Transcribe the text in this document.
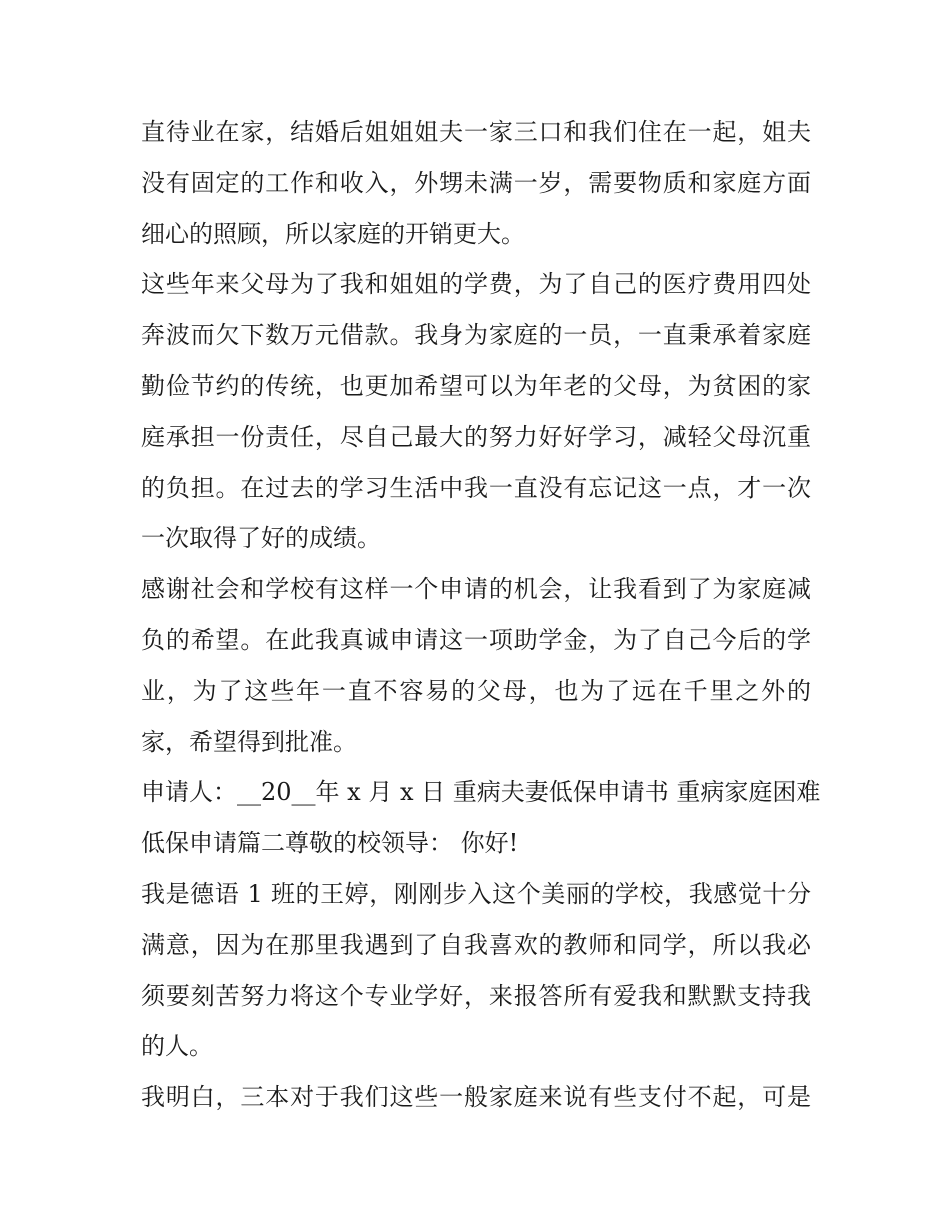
直待业在家，结婚后姐姐姐夫一家三口和我们住在一起，姐夫
没有固定的工作和收入，外甥未满一岁，需要物质和家庭方面
细心的照顾，所以家庭的开销更大。
这些年来父母为了我和姐姐的学费，为了自己的医疗费用四处
奔波而欠下数万元借款。我身为家庭的一员，一直秉承着家庭
勤俭节约的传统，也更加希望可以为年老的父母，为贫困的家
庭承担一份责任，尽自己最大的努力好好学习，减轻父母沉重
的负担。在过去的学习生活中我一直没有忘记这一点，才一次
一次取得了好的成绩。
感谢社会和学校有这样一个申请的机会，让我看到了为家庭减
负的希望。在此我真诚申请这一项助学金，为了自己今后的学
业，为了这些年一直不容易的父母，也为了远在千里之外的
家，希望得到批准。
申请人：__20__年 x 月 x 日 重病夫妻低保申请书 重病家庭困难
低保申请篇二尊敬的校领导： 你好!
我是德语 1 班的王婷，刚刚步入这个美丽的学校，我感觉十分
满意，因为在那里我遇到了自我喜欢的教师和同学，所以我必
须要刻苦努力将这个专业学好，来报答所有爱我和默默支持我
的人。
我明白，三本对于我们这些一般家庭来说有些支付不起，可是
